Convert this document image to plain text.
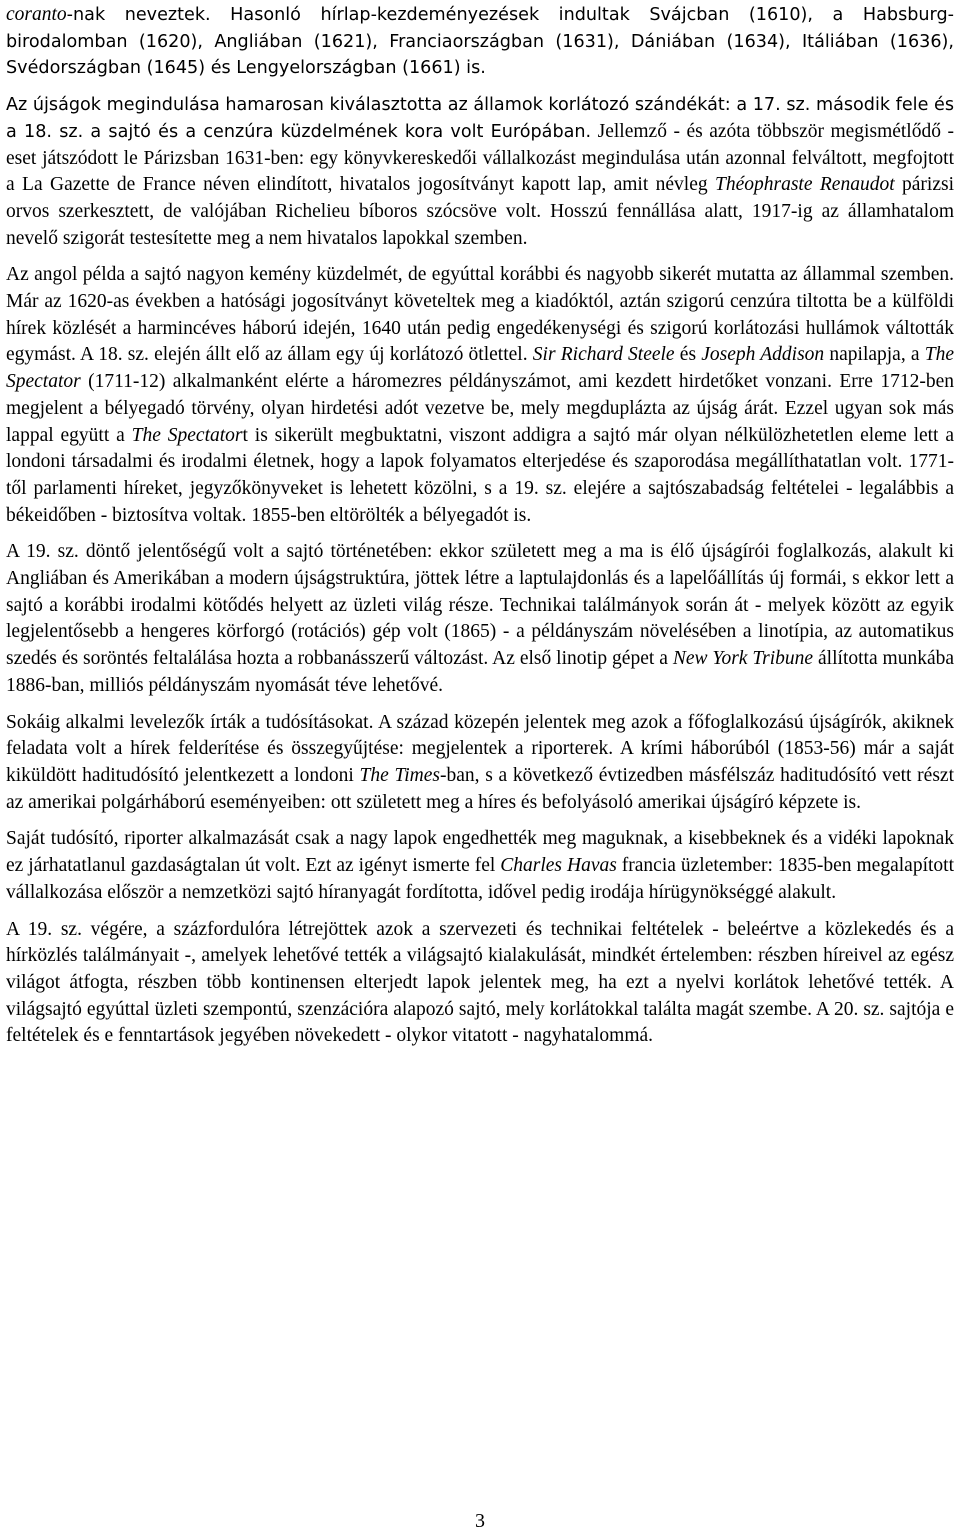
coranto-nak neveztek. Hasonló hírlap-kezdeményezések indultak Svájcban (1610), a Habsburg-birodalomban (1620), Angliában (1621), Franciaországban (1631), Dániában (1634), Itáliában (1636), Svédországban (1645) és Lengyelországban (1661) is.

Az újságok megindulása hamarosan kiválasztotta az államok korlátozó szándékát: a 17. sz. második fele és a 18. sz. a sajtó és a cenzúra küzdelmének kora volt Európában. Jellemző - és azóta többször megismétlődő - eset játszódott le Párizsban 1631-ben: egy könyvkereskedői vállalkozást megindulása után azonnal felváltott, megfojtott a La Gazette de France néven elindított, hivatalos jogosítványt kapott lap, amit névleg Théophraste Renaudot párizsi orvos szerkesztett, de valójában Richelieu bíboros szócsöve volt. Hosszú fennállása alatt, 1917-ig az államhatalom nevelő szigorát testesítette meg a nem hivatalos lapokkal szemben.

Az angol példa a sajtó nagyon kemény küzdelmét, de egyúttal korábbi és nagyobb sikerét mutatta az állammal szemben. Már az 1620-as években a hatósági jogosítványt követeltek meg a kiadóktól, aztán szigorú cenzúra tiltotta be a külföldi hírek közlését a harmincéves háború idején, 1640 után pedig engedékenységi és szigorú korlátozási hullámok váltották egymást. A 18. sz. elején állt elő az állam egy új korlátozó ötlettel. Sir Richard Steele és Joseph Addison napilapja, a The Spectator (1711-12) alkalmanként elérte a háromezres példányszámot, ami kezdett hirdetőket vonzani. Erre 1712-ben megjelent a bélyegadó törvény, olyan hirdetési adót vezetve be, mely megduplázta az újság árát. Ezzel ugyan sok más lappal együtt a The Spectatort is sikerült megbuktatni, viszont addigra a sajtó már olyan nélkülözhetetlen eleme lett a londoni társadalmi és irodalmi életnek, hogy a lapok folyamatos elterjedése és szaporodása megállíthatatlan volt. 1771-től parlamenti híreket, jegyzőkönyveket is lehetett közölni, s a 19. sz. elejére a sajtószabadság feltételei - legalábbis a békeidőben - biztosítva voltak. 1855-ben eltörölték a bélyegadót is.

A 19. sz. döntő jelentőségű volt a sajtó történetében: ekkor született meg a ma is élő újságírói foglalkozás, alakult ki Angliában és Amerikában a modern újságstruktúra, jöttek létre a laptulajdonlás és a lapelőállítás új formái, s ekkor lett a sajtó a korábbi irodalmi kötődés helyett az üzleti világ része. Technikai találmányok során át - melyek között az egyik legjelentősebb a hengeres körforgó (rotációs) gép volt (1865) - a példányszám növelésében a linotípia, az automatikus szedés és soröntés feltalálása hozta a robbanásszerű változást. Az első linotip gépet a New York Tribune állította munkába 1886-ban, milliós példányszám nyomását téve lehetővé.

Sokáig alkalmi levelezők írták a tudósításokat. A század közepén jelentek meg azok a főfoglalkozású újságírók, akiknek feladata volt a hírek felderítése és összegyűjtése: megjelentek a riporterek. A krími háborúból (1853-56) már a saját kiküldött haditudósító jelentkezett a londoni The Times-ban, s a következő évtizedben másfélszáz haditudósító vett részt az amerikai polgárháború eseményeiben: ott született meg a híres és befolyásoló amerikai újságíró képzete is.

Saját tudósító, riporter alkalmazását csak a nagy lapok engedhették meg maguknak, a kisebbeknek és a vidéki lapoknak ez járhatatlanul gazdaságtalan út volt. Ezt az igényt ismerte fel Charles Havas francia üzletember: 1835-ben megalapított vállalkozása először a nemzetközi sajtó híranyagát fordította, idővel pedig irodája hírügynökséggé alakult.

A 19. sz. végére, a százfordulóra létrejöttek azok a szervezeti és technikai feltételek - beleértve a közlekedés és a hírközlés találmányait -, amelyek lehetővé tették a világsajtó kialakulását, mindkét értelemben: részben híreivel az egész világot átfogta, részben több kontinensen elterjedt lapok jelentek meg, ha ezt a nyelvi korlátok lehetővé tették. A világsajtó egyúttal üzleti szempontú, szenzációra alapozó sajtó, mely korlátokkal találta magát szembe. A 20. sz. sajtója e feltételek és e fenntartások jegyében növekedett - olykor vitatott - nagyhatalommá.

3
